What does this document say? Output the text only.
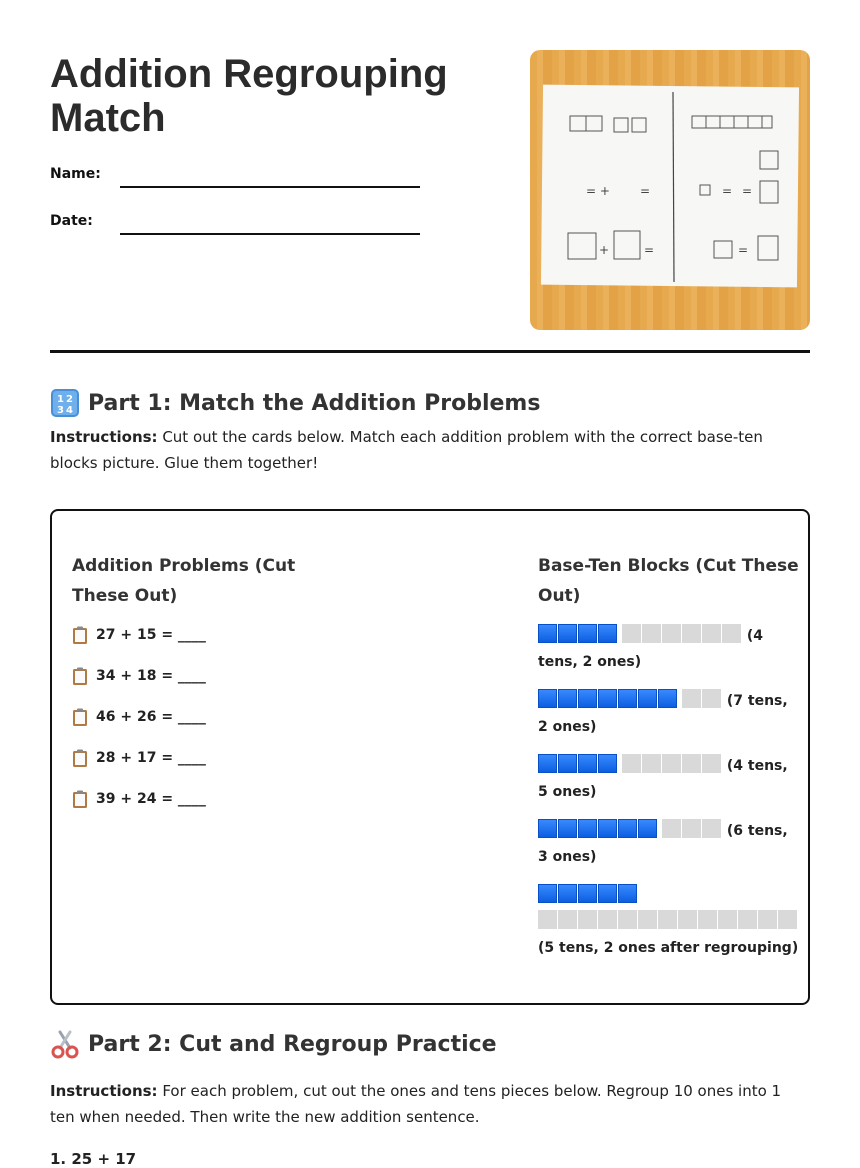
Addition Regrouping Match
Name:
Date:
= +	=	= =
+	=	=
1 2
3 4 Part 1: Match the Addition Problems

Instructions: Cut out the cards below. Match each addition problem with the correct base-ten blocks picture. Glue them together!

Addition Problems (Cut These Out)
27 + 15 = ____
34 + 18 = ____
46 + 26 = ____
28 + 17 = ____
39 + 24 = ____
Base-Ten Blocks (Cut These Out)
(4 tens, 2 ones)
(7 tens, 2 ones)
(4 tens, 5 ones)
(6 tens, 3 ones)

(5 tens, 2 ones after regrouping)
Part 2: Cut and Regroup Practice

Instructions: For each problem, cut out the ones and tens pieces below. Regroup 10 ones into 1 ten when needed. Then write the new addition sentence.

1. 25 + 17
